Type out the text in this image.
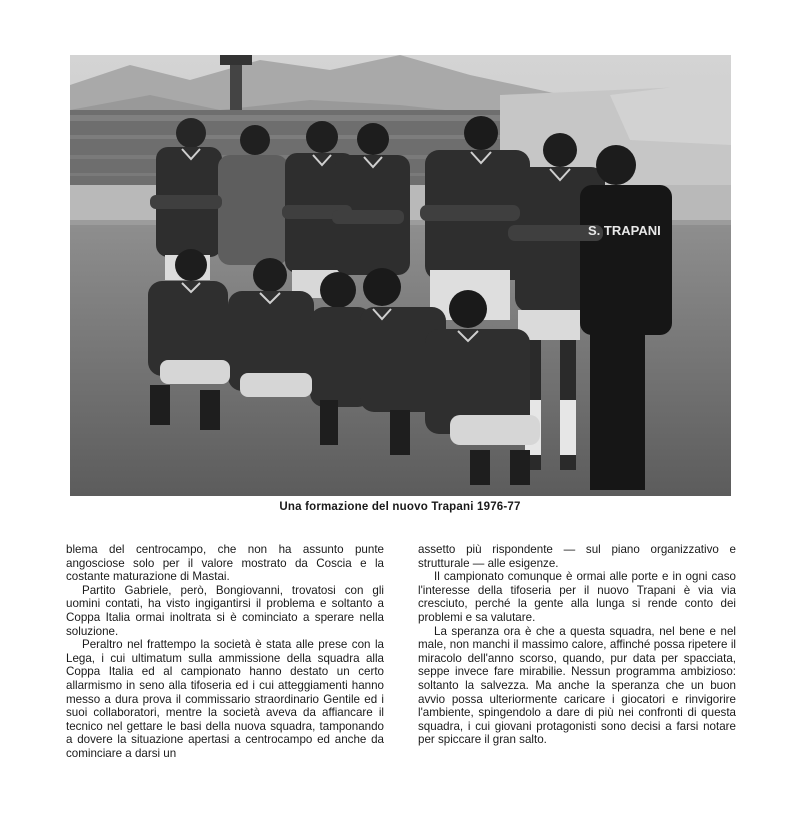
S. TRAPANI
Una formazione del nuovo Trapani 1976-77

blema del centrocampo, che non ha assunto punte angosciose solo per il valore mostrato da Coscia e la costante maturazione di Mastai.

Partito Gabriele, però, Bongiovanni, trovatosi con gli uomini contati, ha visto ingigantirsi il problema e soltanto a Coppa Italia ormai inoltrata si è cominciato a sperare nella soluzione.

Peraltro nel frattempo la società è stata alle prese con la Lega, i cui ultimatum sulla ammissione della squadra alla Coppa Italia ed al campionato hanno destato un certo allarmismo in seno alla tifoseria ed i cui atteggiamenti hanno messo a dura prova il commissario straordinario Gentile ed i suoi collaboratori, mentre la società aveva da affiancare il tecnico nel gettare le basi della nuova squadra, tamponando a dovere la situazione apertasi a centrocampo ed anche da cominciare a darsi un

assetto più rispondente — sul piano organizzativo e strutturale — alle esigenze.

Il campionato comunque è ormai alle porte e in ogni caso l'interesse della tifoseria per il nuovo Trapani è via via cresciuto, perché la gente alla lunga si rende conto dei problemi e sa valutare.

La speranza ora è che a questa squadra, nel bene e nel male, non manchi il massimo calore, affinché possa ripetere il miracolo dell'anno scorso, quando, pur data per spacciata, seppe invece fare mirabilie. Nessun programma ambizioso: soltanto la salvezza. Ma anche la speranza che un buon avvio possa ulteriormente caricare i giocatori e rinvigorire l'ambiente, spingendolo a dare di più nei confronti di questa squadra, i cui giovani protagonisti sono decisi a farsi notare per spiccare il gran salto.
